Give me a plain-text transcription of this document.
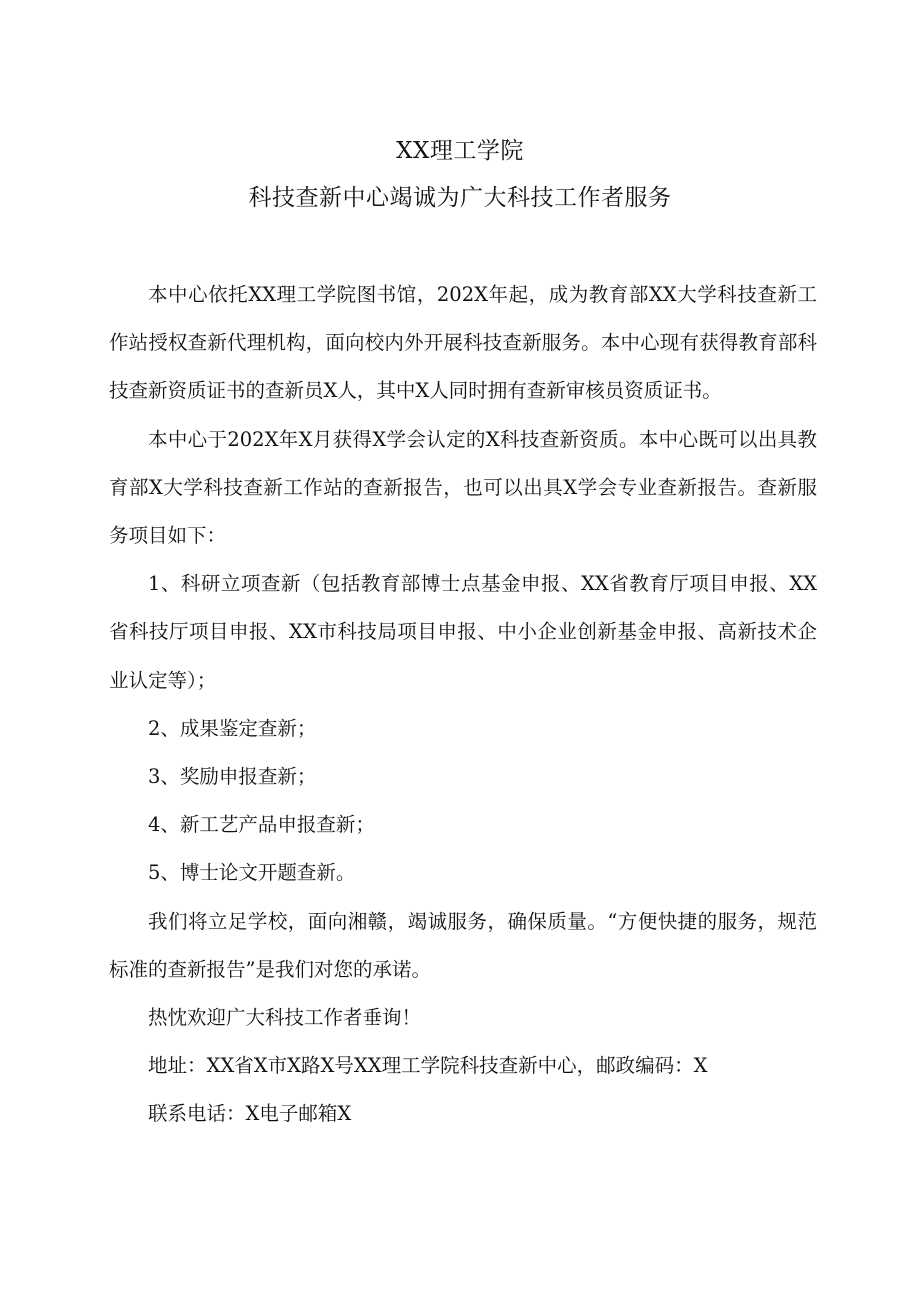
XX理工学院
科技查新中心竭诚为广大科技工作者服务

本中心依托XX理工学院图书馆，202X年起，成为教育部XX大学科技查新工作站授权查新代理机构，面向校内外开展科技查新服务。本中心现有获得教育部科技查新资质证书的查新员X人，其中X人同时拥有查新审核员资质证书。

本中心于202X年X月获得X学会认定的X科技查新资质。本中心既可以出具教育部X大学科技查新工作站的查新报告，也可以出具X学会专业查新报告。查新服务项目如下：

1、科研立项查新（包括教育部博士点基金申报、XX省教育厅项目申报、XX省科技厅项目申报、XX市科技局项目申报、中小企业创新基金申报、高新技术企业认定等）；

2、成果鉴定查新；

3、奖励申报查新；

4、新工艺产品申报查新；

5、博士论文开题查新。

我们将立足学校，面向湘赣，竭诚服务，确保质量。“方便快捷的服务，规范标准的查新报告”是我们对您的承诺。

热忱欢迎广大科技工作者垂询！

地址：XX省X市X路X号XX理工学院科技查新中心，邮政编码：X

联系电话：X电子邮箱X
